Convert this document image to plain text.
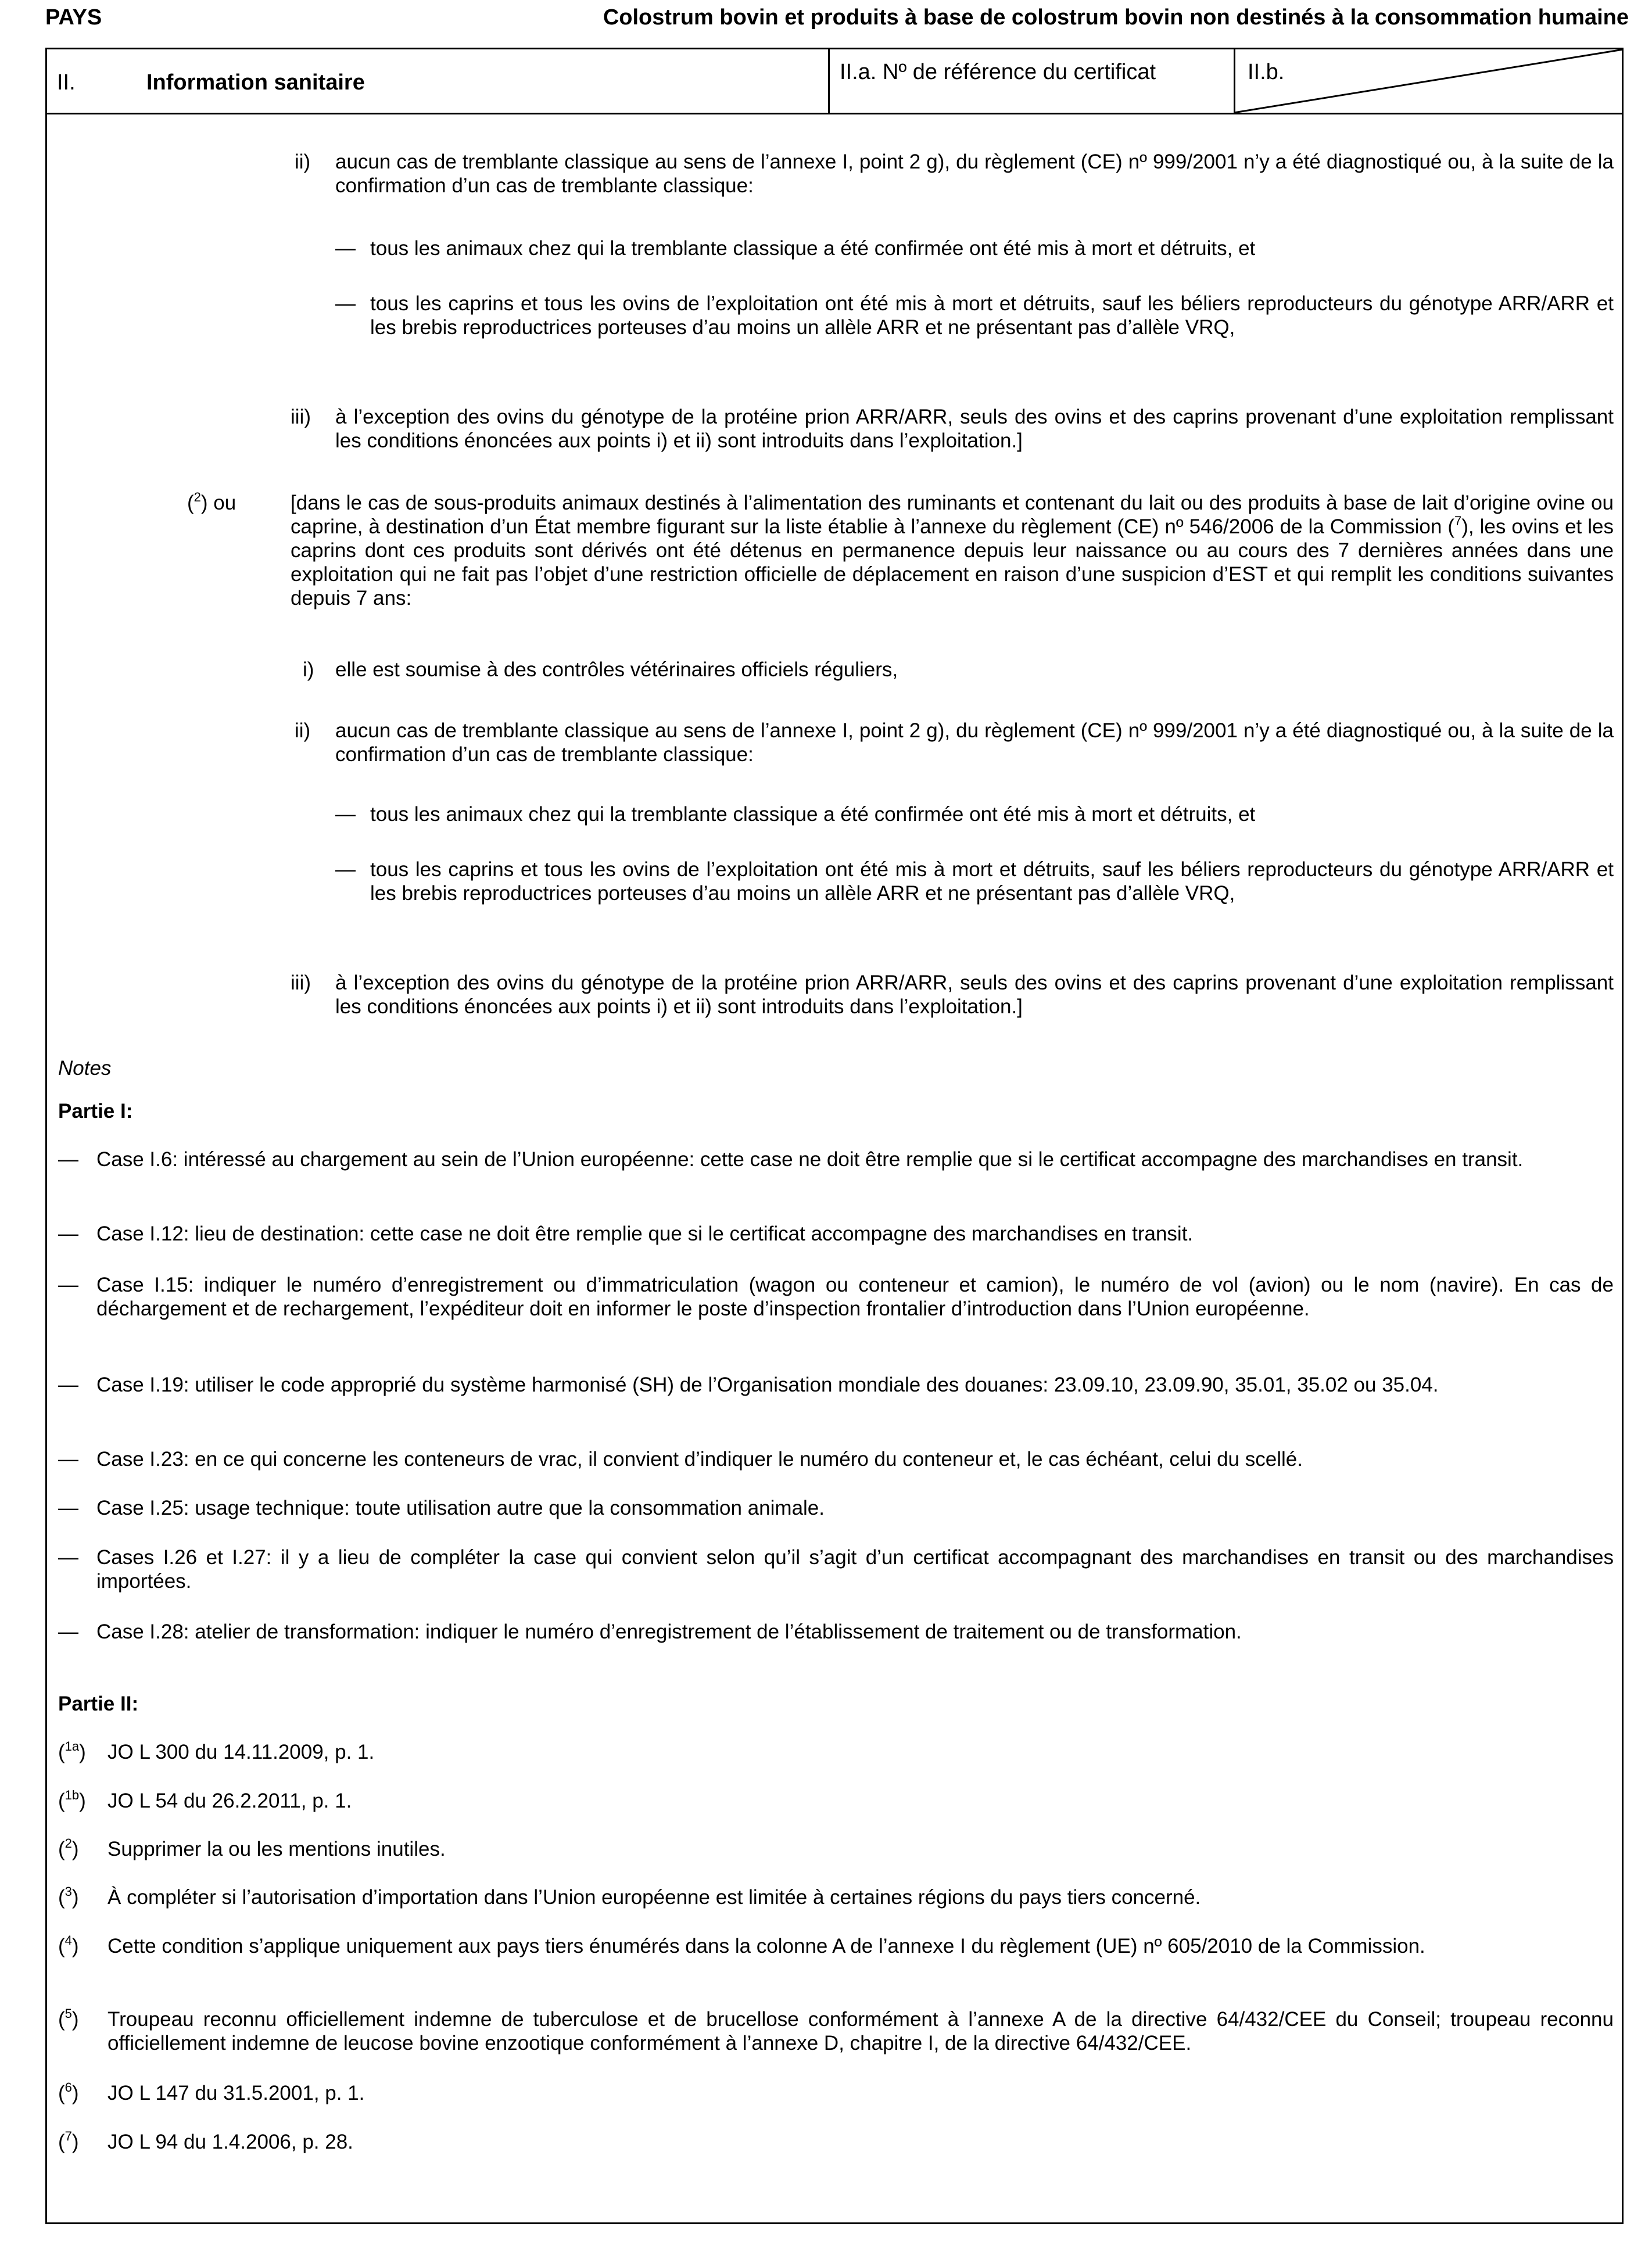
PAYS	Colostrum bovin et produits à base de colostrum bovin non destinés à la consommation humaine
II.	Information sanitaire	II.a. Nº de référence du certificat	II.b.
ii) aucun cas de tremblante classique au sens de l’annexe I, point 2 g), du règlement (CE) nº 999/2001 n’y a été diagnostiqué ou, à la suite de la confirmation d’un cas de tremblante classique:
— tous les animaux chez qui la tremblante classique a été confirmée ont été mis à mort et détruits, et
— tous les caprins et tous les ovins de l’exploitation ont été mis à mort et détruits, sauf les béliers reproducteurs du génotype ARR/ARR et les brebis reproductrices porteuses d’au moins un allèle ARR et ne présentant pas d’allèle VRQ,
iii) à l’exception des ovins du génotype de la protéine prion ARR/ARR, seuls des ovins et des caprins provenant d’une exploitation remplissant les conditions énoncées aux points i) et ii) sont introduits dans l’exploitation.]
($^2$) ou	[dans le cas de sous-produits animaux destinés à l’alimentation des ruminants et contenant du lait ou des produits à base de lait d’origine ovine ou caprine, à destination d’un État membre figurant sur la liste établie à l’annexe du règlement (CE) nº 546/2006 de la Commission ($^7$), les ovins et les caprins dont ces produits sont dérivés ont été détenus en permanence depuis leur naissance ou au cours des 7 dernières années dans une exploitation qui ne fait pas l’objet d’une restriction officielle de déplacement en raison d’une suspicion d’EST et qui remplit les conditions suivantes depuis 7 ans:
i) elle est soumise à des contrôles vétérinaires officiels réguliers,
ii) aucun cas de tremblante classique au sens de l’annexe I, point 2 g), du règlement (CE) nº 999/2001 n’y a été diagnostiqué ou, à la suite de la confirmation d’un cas de tremblante classique:
— tous les animaux chez qui la tremblante classique a été confirmée ont été mis à mort et détruits, et
— tous les caprins et tous les ovins de l’exploitation ont été mis à mort et détruits, sauf les béliers reproducteurs du génotype ARR/ARR et les brebis reproductrices porteuses d’au moins un allèle ARR et ne présentant pas d’allèle VRQ,
iii) à l’exception des ovins du génotype de la protéine prion ARR/ARR, seuls des ovins et des caprins provenant d’une exploitation remplissant les conditions énoncées aux points i) et ii) sont introduits dans l’exploitation.]
Notes
Partie I:
— Case I.6: intéressé au chargement au sein de l’Union européenne: cette case ne doit être remplie que si le certificat accompagne des marchandises en transit.
— Case I.12: lieu de destination: cette case ne doit être remplie que si le certificat accompagne des marchandises en transit.
— Case I.15: indiquer le numéro d’enregistrement ou d’immatriculation (wagon ou conteneur et camion), le numéro de vol (avion) ou le nom (navire). En cas de déchargement et de rechargement, l’expéditeur doit en informer le poste d’inspection frontalier d’introduction dans l’Union européenne.
— Case I.19: utiliser le code approprié du système harmonisé (SH) de l’Organisation mondiale des douanes: 23.09.10, 23.09.90, 35.01, 35.02 ou 35.04.
— Case I.23: en ce qui concerne les conteneurs de vrac, il convient d’indiquer le numéro du conteneur et, le cas échéant, celui du scellé.
— Case I.25: usage technique: toute utilisation autre que la consommation animale.
— Cases I.26 et I.27: il y a lieu de compléter la case qui convient selon qu’il s’agit d’un certificat accompagnant des marchandises en transit ou des marchandises importées.
— Case I.28: atelier de transformation: indiquer le numéro d’enregistrement de l’établissement de traitement ou de transformation.
Partie II:
($^{1a}$) JO L 300 du 14.11.2009, p. 1.
($^{1b}$) JO L 54 du 26.2.2011, p. 1.
($^2$) Supprimer la ou les mentions inutiles.
($^3$) À compléter si l’autorisation d’importation dans l’Union européenne est limitée à certaines régions du pays tiers concerné.
($^4$) Cette condition s’applique uniquement aux pays tiers énumérés dans la colonne A de l’annexe I du règlement (UE) nº 605/2010 de la Commission.
($^5$) Troupeau reconnu officiellement indemne de tuberculose et de brucellose conformément à l’annexe A de la directive 64/432/CEE du Conseil; troupeau reconnu officiellement indemne de leucose bovine enzootique conformément à l’annexe D, chapitre I, de la directive 64/432/CEE.
($^6$) JO L 147 du 31.5.2001, p. 1.
($^7$) JO L 94 du 1.4.2006, p. 28.
